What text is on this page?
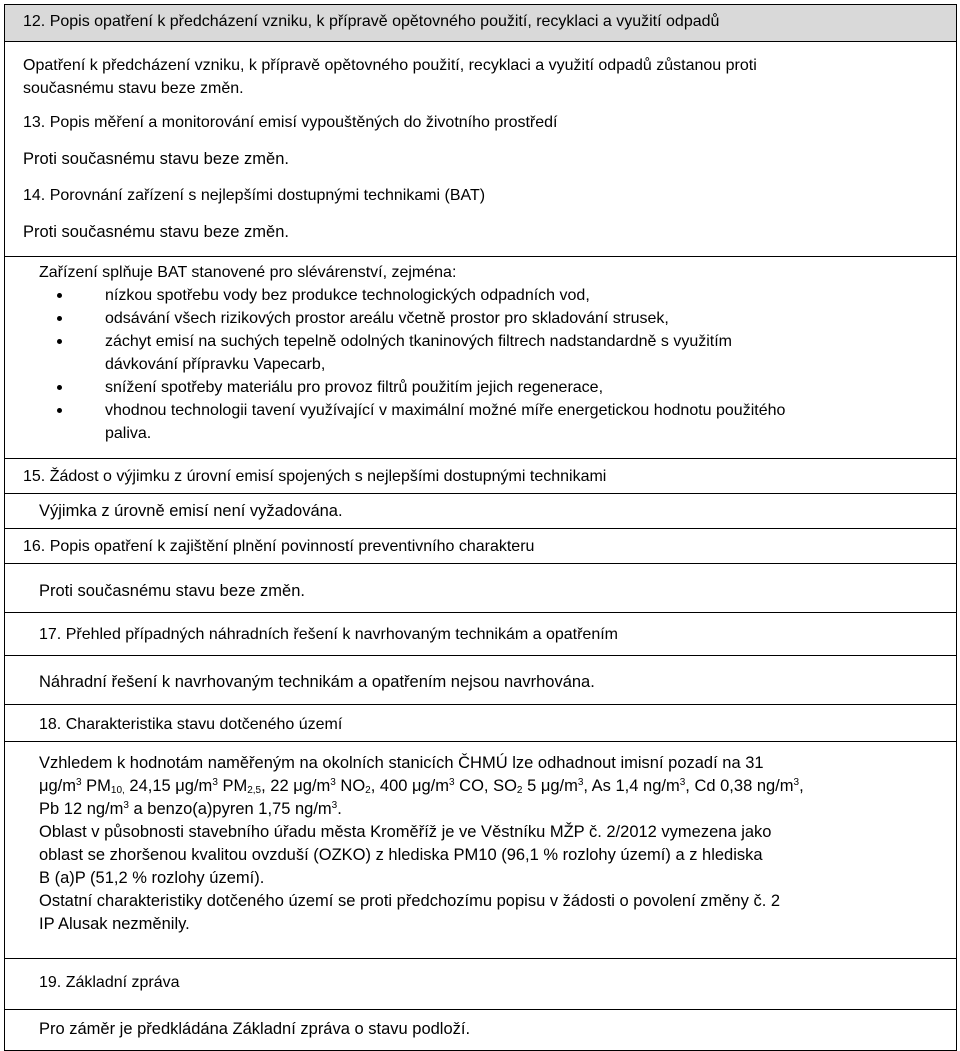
12. Popis opatření k předcházení vzniku, k přípravě opětovného použití, recyklaci a využití odpadů

Opatření k předcházení vzniku, k přípravě opětovného použití, recyklaci a využití odpadů zůstanou proti
současnému stavu beze změn.
13. Popis měření a monitorování emisí vypouštěných do životního prostředí
Proti současnému stavu beze změn.
14. Porovnání zařízení s nejlepšími dostupnými technikami (BAT)
Proti současnému stavu beze změn.

Zařízení splňuje BAT stanovené pro slévárenství, zejména:
nízkou spotřebu vody bez produkce technologických odpadních vod,
odsávání všech rizikových prostor areálu včetně prostor pro skladování strusek,
záchyt emisí na suchých tepelně odolných tkaninových filtrech nadstandardně s využitím
dávkování přípravku Vapecarb,
snížení spotřeby materiálu pro provoz filtrů použitím jejich regenerace,
vhodnou technologii tavení využívající v maximální možné míře energetickou hodnotu použitého
paliva.

15. Žádost o výjimku z úrovní emisí spojených s nejlepšími dostupnými technikami

Výjimka z úrovně emisí není vyžadována.

16. Popis opatření k zajištění plnění povinností preventivního charakteru

Proti současnému stavu beze změn.

17. Přehled případných náhradních řešení k navrhovaným technikám a opatřením

Náhradní řešení k navrhovaným technikám a opatřením nejsou navrhována.

18. Charakteristika stavu dotčeného území

Vzhledem k hodnotám naměřeným na okolních stanicích ČHMÚ lze odhadnout imisní pozadí na 31
$\mu g/m^3$ $PM_{10,}$ 24,15 $\mu g/m^3$ $PM_{2,5}$, 22 $\mu g/m^3$ $NO_2$, 400 $\mu g/m^3$ CO, $SO_2$ 5 $\mu g/m^3$, As 1,4 $ng/m^3$, Cd 0,38 $ng/m^3$,
Pb 12 $ng/m^3$ a benzo(a)pyren 1,75 $ng/m^3$.
Oblast v působnosti stavebního úřadu města Kroměříž je ve Věstníku MŽP č. 2/2012 vymezena jako
oblast se zhoršenou kvalitou ovzduší (OZKO) z hlediska PM10 (96,1 % rozlohy území) a z hlediska
B (a)P (51,2 % rozlohy území).
Ostatní charakteristiky dotčeného území se proti předchozímu popisu v žádosti o povolení změny č. 2
IP Alusak nezměnily.

19. Základní zpráva

Pro záměr je předkládána Základní zpráva o stavu podloží.
